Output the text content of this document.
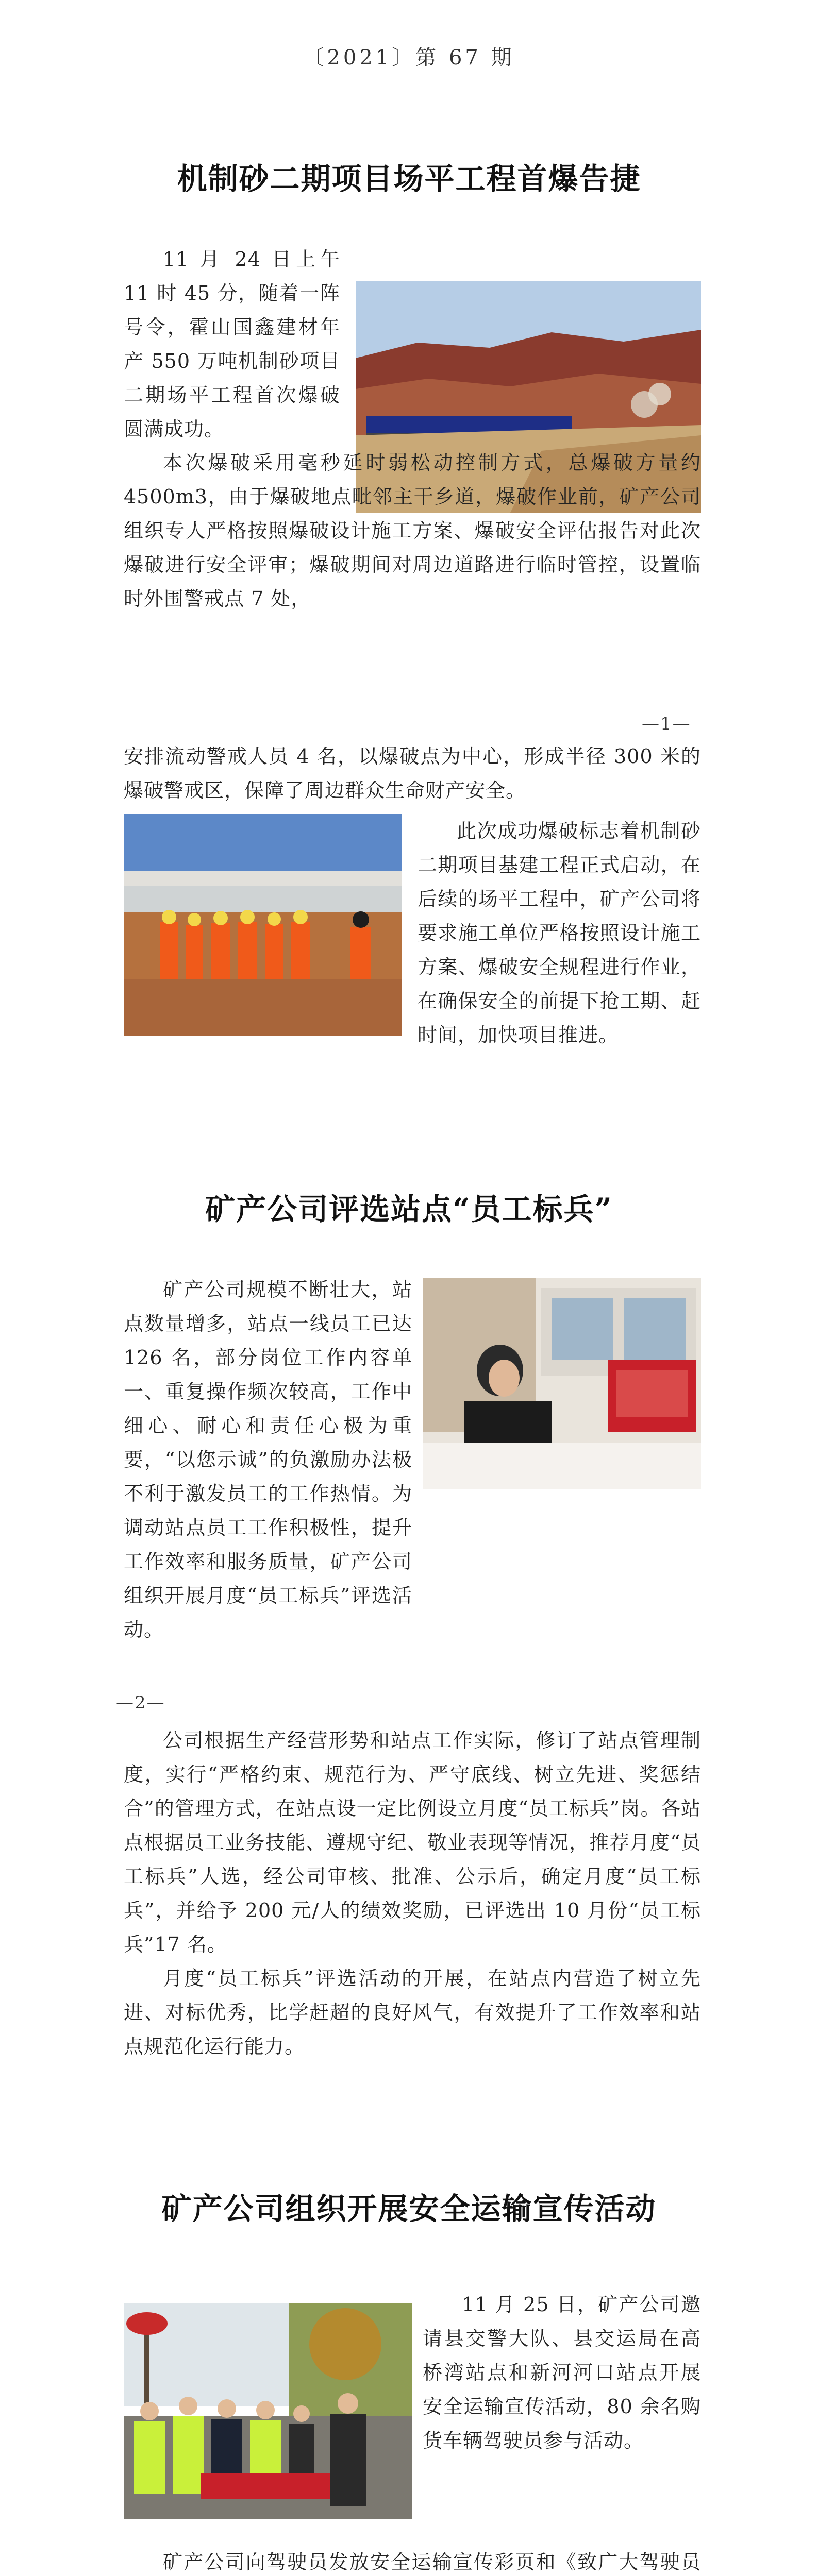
〔2021〕第 67 期
机制砂二期项目场平工程首爆告捷
11 月 24 日上午 11 时 45 分，随着一阵号令，霍山国鑫建材年产 550 万吨机制砂项目二期场平工程首次爆破圆满成功。
本次爆破采用毫秒延时弱松动控制方式，总爆破方量约 4500m3，由于爆破地点毗邻主干乡道，爆破作业前，矿产公司组织专人严格按照爆破设计施工方案、爆破安全评估报告对此次爆破进行安全评审；爆破期间对周边道路进行临时管控，设置临时外围警戒点 7 处，
—1—
安排流动警戒人员 4 名，以爆破点为中心，形成半径 300 米的爆破警戒区，保障了周边群众生命财产安全。
此次成功爆破标志着机制砂二期项目基建工程正式启动，在后续的场平工程中，矿产公司将要求施工单位严格按照设计施工方案、爆破安全规程进行作业，在确保安全的前提下抢工期、赶时间，加快项目推进。
矿产公司评选站点“员工标兵”
矿产公司规模不断壮大，站点数量增多，站点一线员工已达 126 名，部分岗位工作内容单一、重复操作频次较高，工作中细心、耐心和责任心极为重要，“以您示诚”的负激励办法极不利于激发员工的工作热情。为调动站点员工工作积极性，提升工作效率和服务质量，矿产公司组织开展月度“员工标兵”评选活动。
—2—
公司根据生产经营形势和站点工作实际，修订了站点管理制度，实行“严格约束、规范行为、严守底线、树立先进、奖惩结合”的管理方式，在站点设一定比例设立月度“员工标兵”岗。各站点根据员工业务技能、遵规守纪、敬业表现等情况，推荐月度“员工标兵”人选，经公司审核、批准、公示后，确定月度“员工标兵”，并给予 200 元/人的绩效奖励，已评选出 10 月份“员工标兵”17 名。
月度“员工标兵”评选活动的开展，在站点内营造了树立先进、对标优秀，比学赶超的良好风气，有效提升了工作效率和站点规范化运行能力。
矿产公司组织开展安全运输宣传活动
11 月 25 日，矿产公司邀请县交警大队、县交运局在高桥湾站点和新河河口站点开展安全运输宣传活动，80 余名购货车辆驾驶员参与活动。
矿产公司向驾驶员发放安全运输宣传彩页和《致广大驾驶员
